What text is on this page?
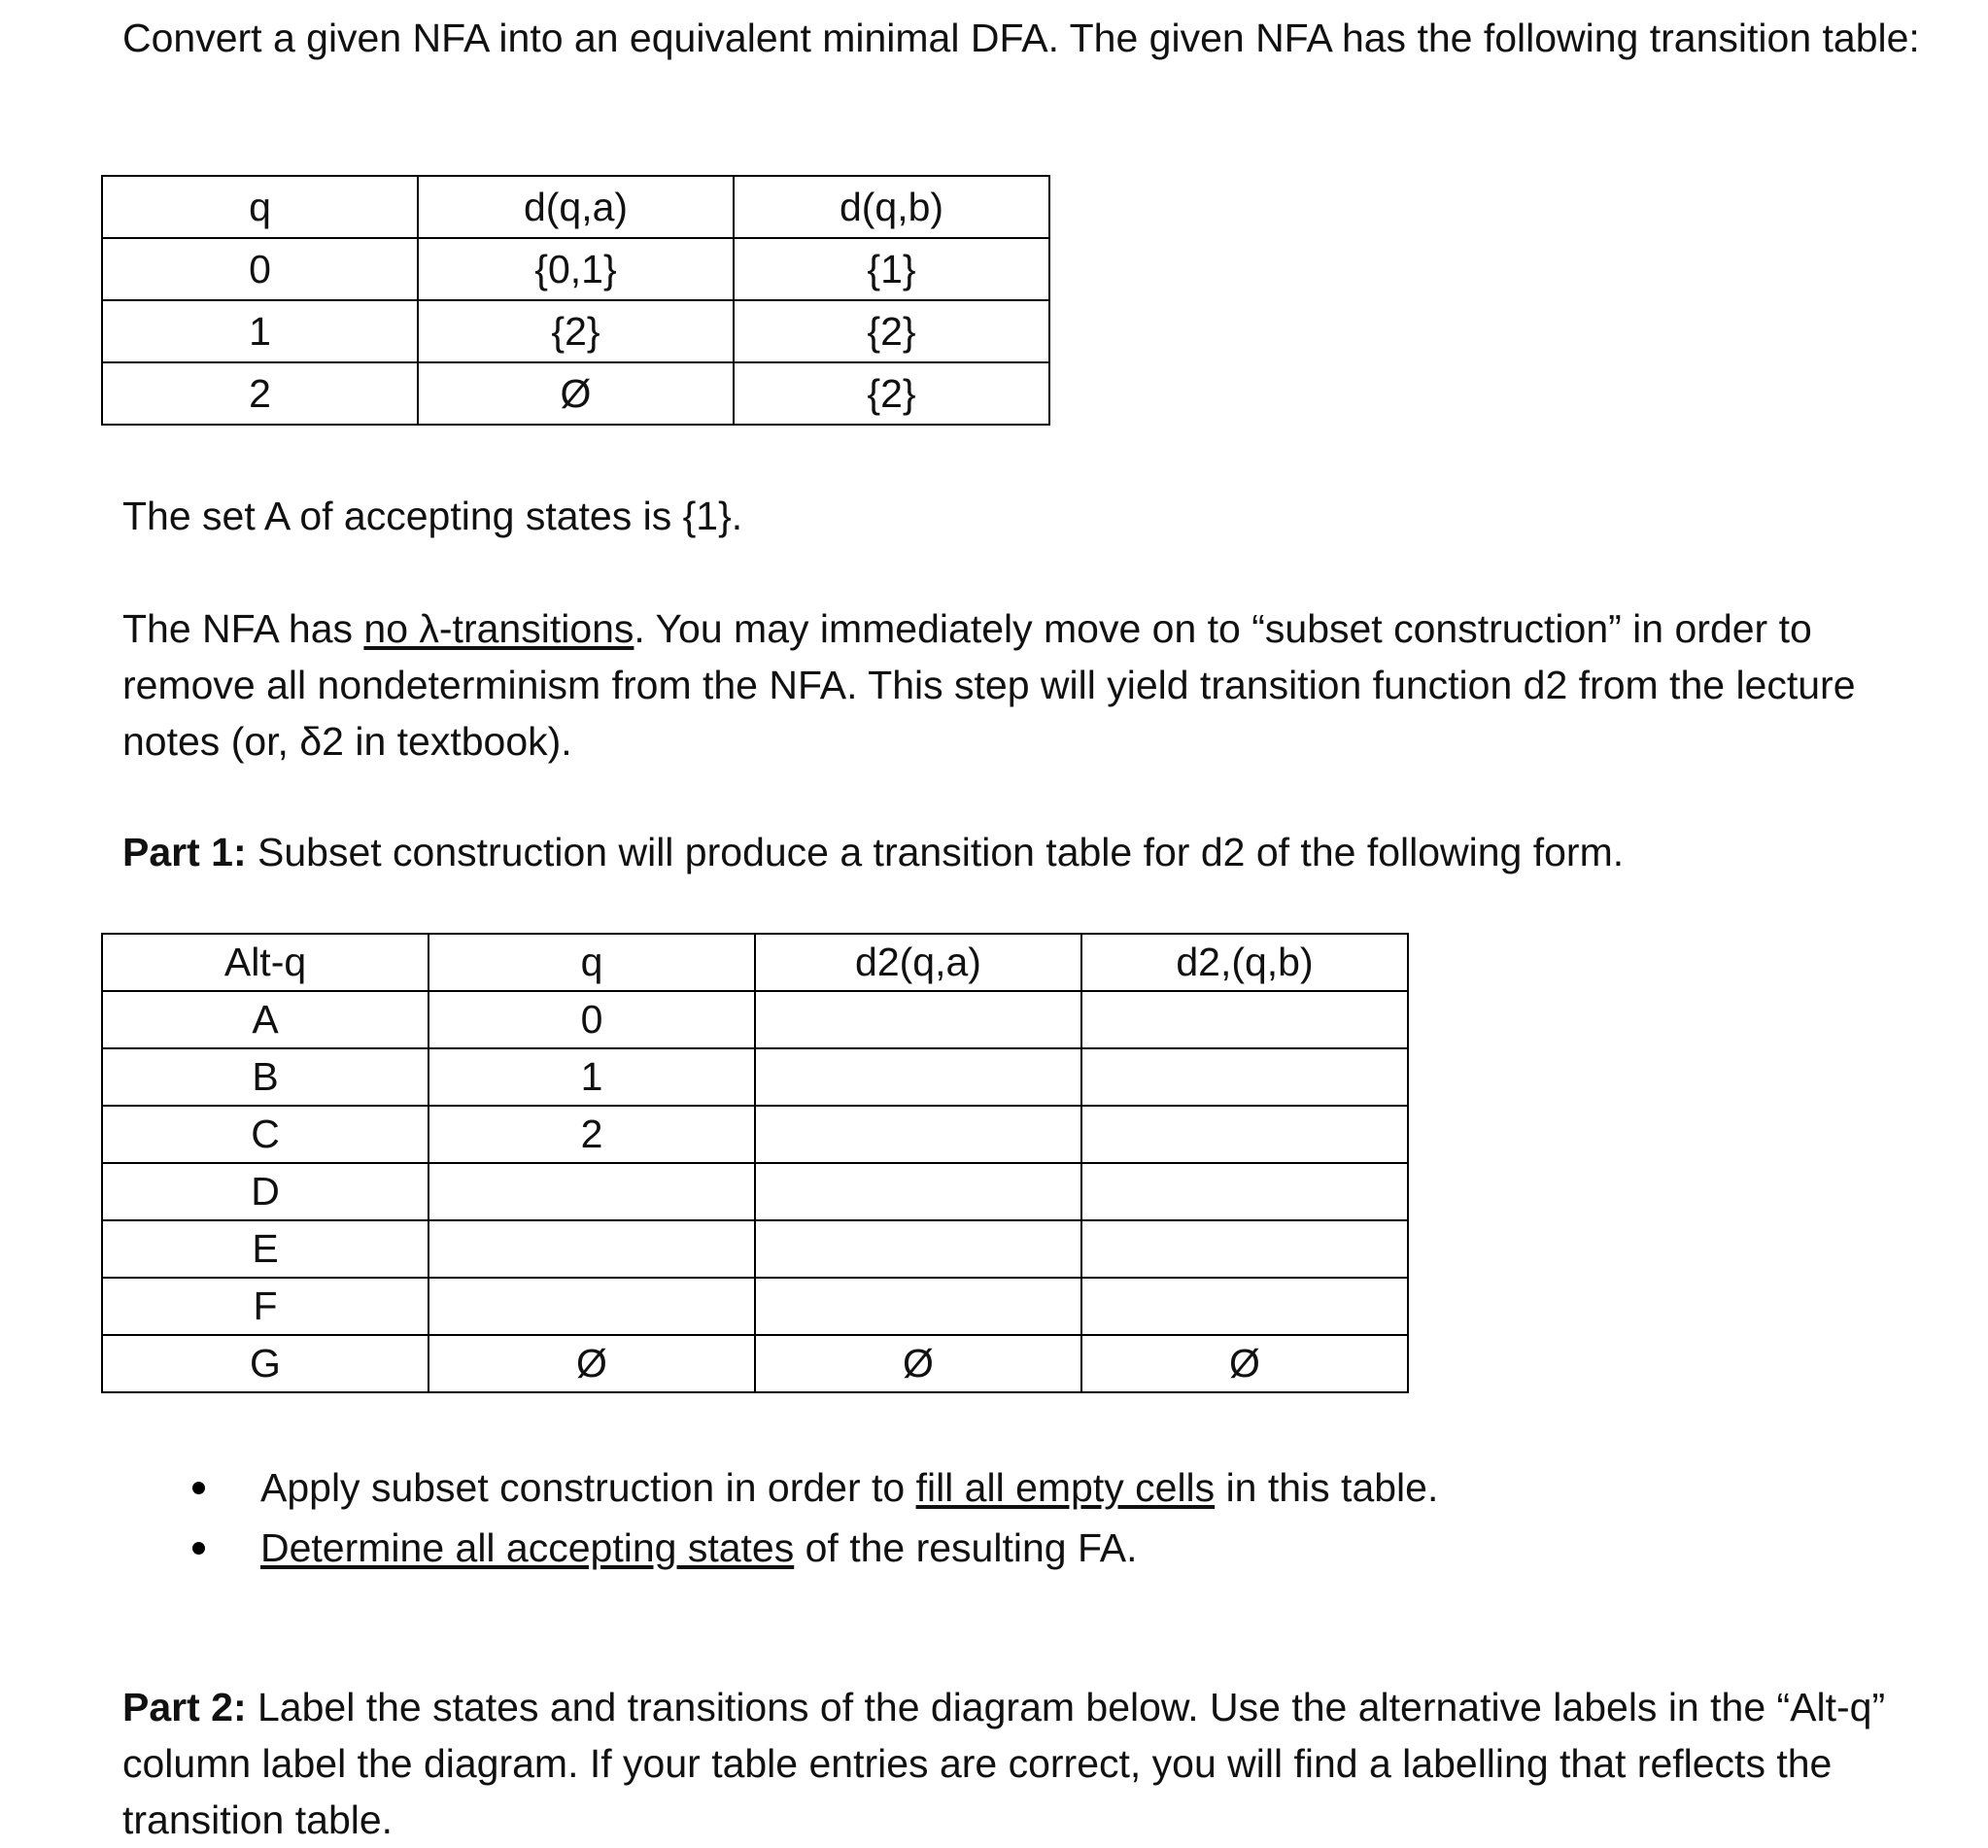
Convert a given NFA into an equivalent minimal DFA. The given NFA has the following transition table:

q	d(q,a)	d(q,b)
0	{0,1}	{1}
1	{2}	{2}
2	Ø	{2}

The set A of accepting states is {1}.

The NFA has no λ-transitions. You may immediately move on to “subset construction” in order to remove all nondeterminism from the NFA. This step will yield transition function d2 from the lecture notes (or, δ2 in textbook).

Part 1: Subset construction will produce a transition table for d2 of the following form.

Alt-q	q	d2(q,a)	d2,(q,b)
A	0		
B	1		
C	2		
D			
E			
F			
G	Ø	Ø	Ø
Apply subset construction in order to fill all empty cells in this table.
Determine all accepting states of the resulting FA.

Part 2: Label the states and transitions of the diagram below. Use the alternative labels in the “Alt-q” column label the diagram. If your table entries are correct, you will find a labelling that reflects the transition table.
